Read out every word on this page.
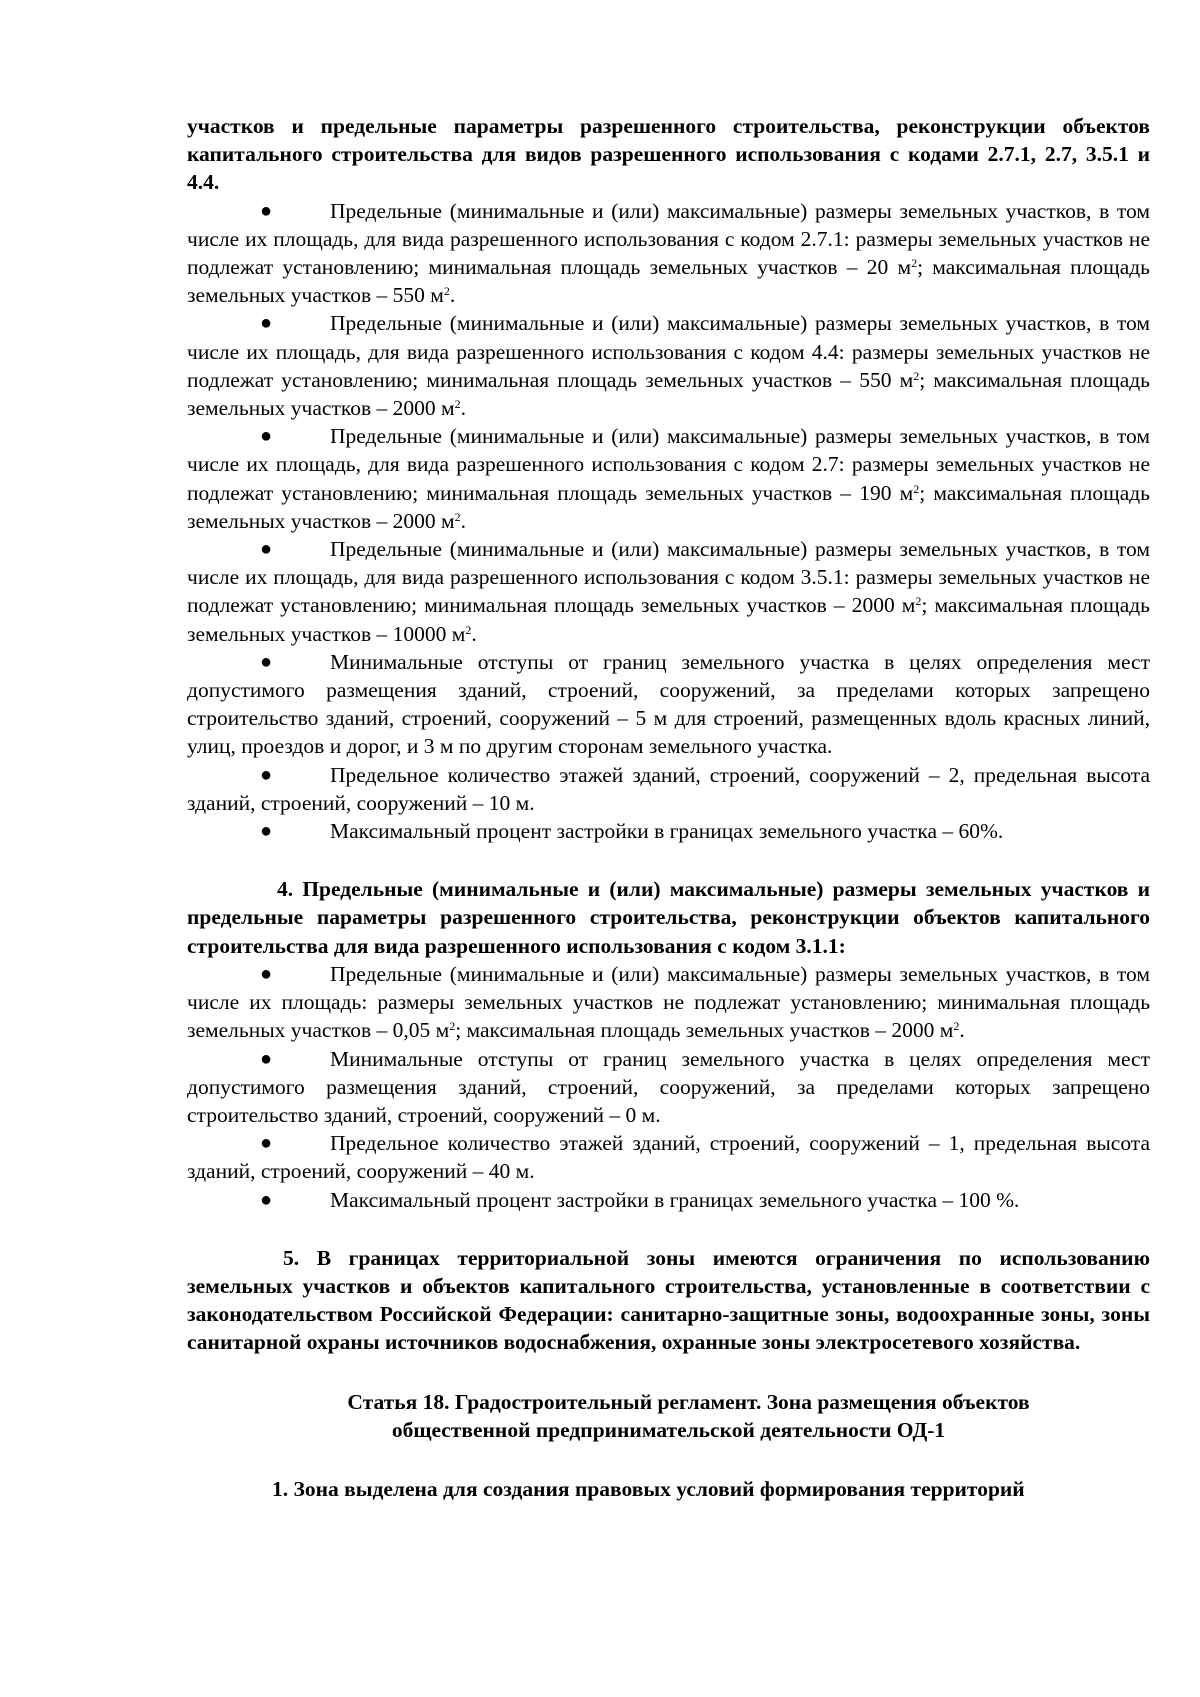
участков и предельные параметры разрешенного строительства, реконструкции объектов капитального строительства для видов разрешенного использования с кодами 2.7.1, 2.7, 3.5.1 и 4.4.

●	Предельные (минимальные и (или) максимальные) размеры земельных участков, в том числе их площадь, для вида разрешенного использования с кодом 2.7.1: размеры земельных участков не подлежат установлению; минимальная площадь земельных участков – 20 $м^2$; максимальная площадь земельных участков – 550 $м^2$.

●	Предельные (минимальные и (или) максимальные) размеры земельных участков, в том числе их площадь, для вида разрешенного использования с кодом 4.4: размеры земельных участков не подлежат установлению; минимальная площадь земельных участков – 550 $м^2$; максимальная площадь земельных участков – 2000 $м^2$.

●	Предельные (минимальные и (или) максимальные) размеры земельных участков, в том числе их площадь, для вида разрешенного использования с кодом 2.7: размеры земельных участков не подлежат установлению; минимальная площадь земельных участков – 190 $м^2$; максимальная площадь земельных участков – 2000 $м^2$.

●	Предельные (минимальные и (или) максимальные) размеры земельных участков, в том числе их площадь, для вида разрешенного использования с кодом 3.5.1: размеры земельных участков не подлежат установлению; минимальная площадь земельных участков – 2000 $м^2$; максимальная площадь земельных участков – 10000 $м^2$.

●	Минимальные отступы от границ земельного участка в целях определения мест допустимого размещения зданий, строений, сооружений, за пределами которых запрещено строительство зданий, строений, сооружений – 5 м для строений, размещенных вдоль красных линий, улиц, проездов и дорог, и 3 м по другим сторонам земельного участка.

●	Предельное количество этажей зданий, строений, сооружений – 2, предельная высота зданий, строений, сооружений – 10 м.

●	Максимальный процент застройки в границах земельного участка – 60%.

4. Предельные (минимальные и (или) максимальные) размеры земельных участков и предельные параметры разрешенного строительства, реконструкции объектов капитального строительства для вида разрешенного использования с кодом 3.1.1:

●	Предельные (минимальные и (или) максимальные) размеры земельных участков, в том числе их площадь: размеры земельных участков не подлежат установлению; минимальная площадь земельных участков – 0,05 $м^2$; максимальная площадь земельных участков – 2000 $м^2$.

●	Минимальные отступы от границ земельного участка в целях определения мест допустимого размещения зданий, строений, сооружений, за пределами которых запрещено строительство зданий, строений, сооружений – 0 м.

●	Предельное количество этажей зданий, строений, сооружений – 1, предельная высота зданий, строений, сооружений – 40 м.

●	Максимальный процент застройки в границах земельного участка – 100 %.

5. В границах территориальной зоны имеются ограничения по использованию земельных участков и объектов капитального строительства, установленные в соответствии с законодательством Российской Федерации: санитарно-защитные зоны, водоохранные зоны, зоны санитарной охраны источников водоснабжения, охранные зоны электросетевого хозяйства.

Статья 18. Градостроительный регламент. Зона размещения объектов

общественной предпринимательской деятельности ОД-1

1. Зона выделена для создания правовых условий формирования территорий
